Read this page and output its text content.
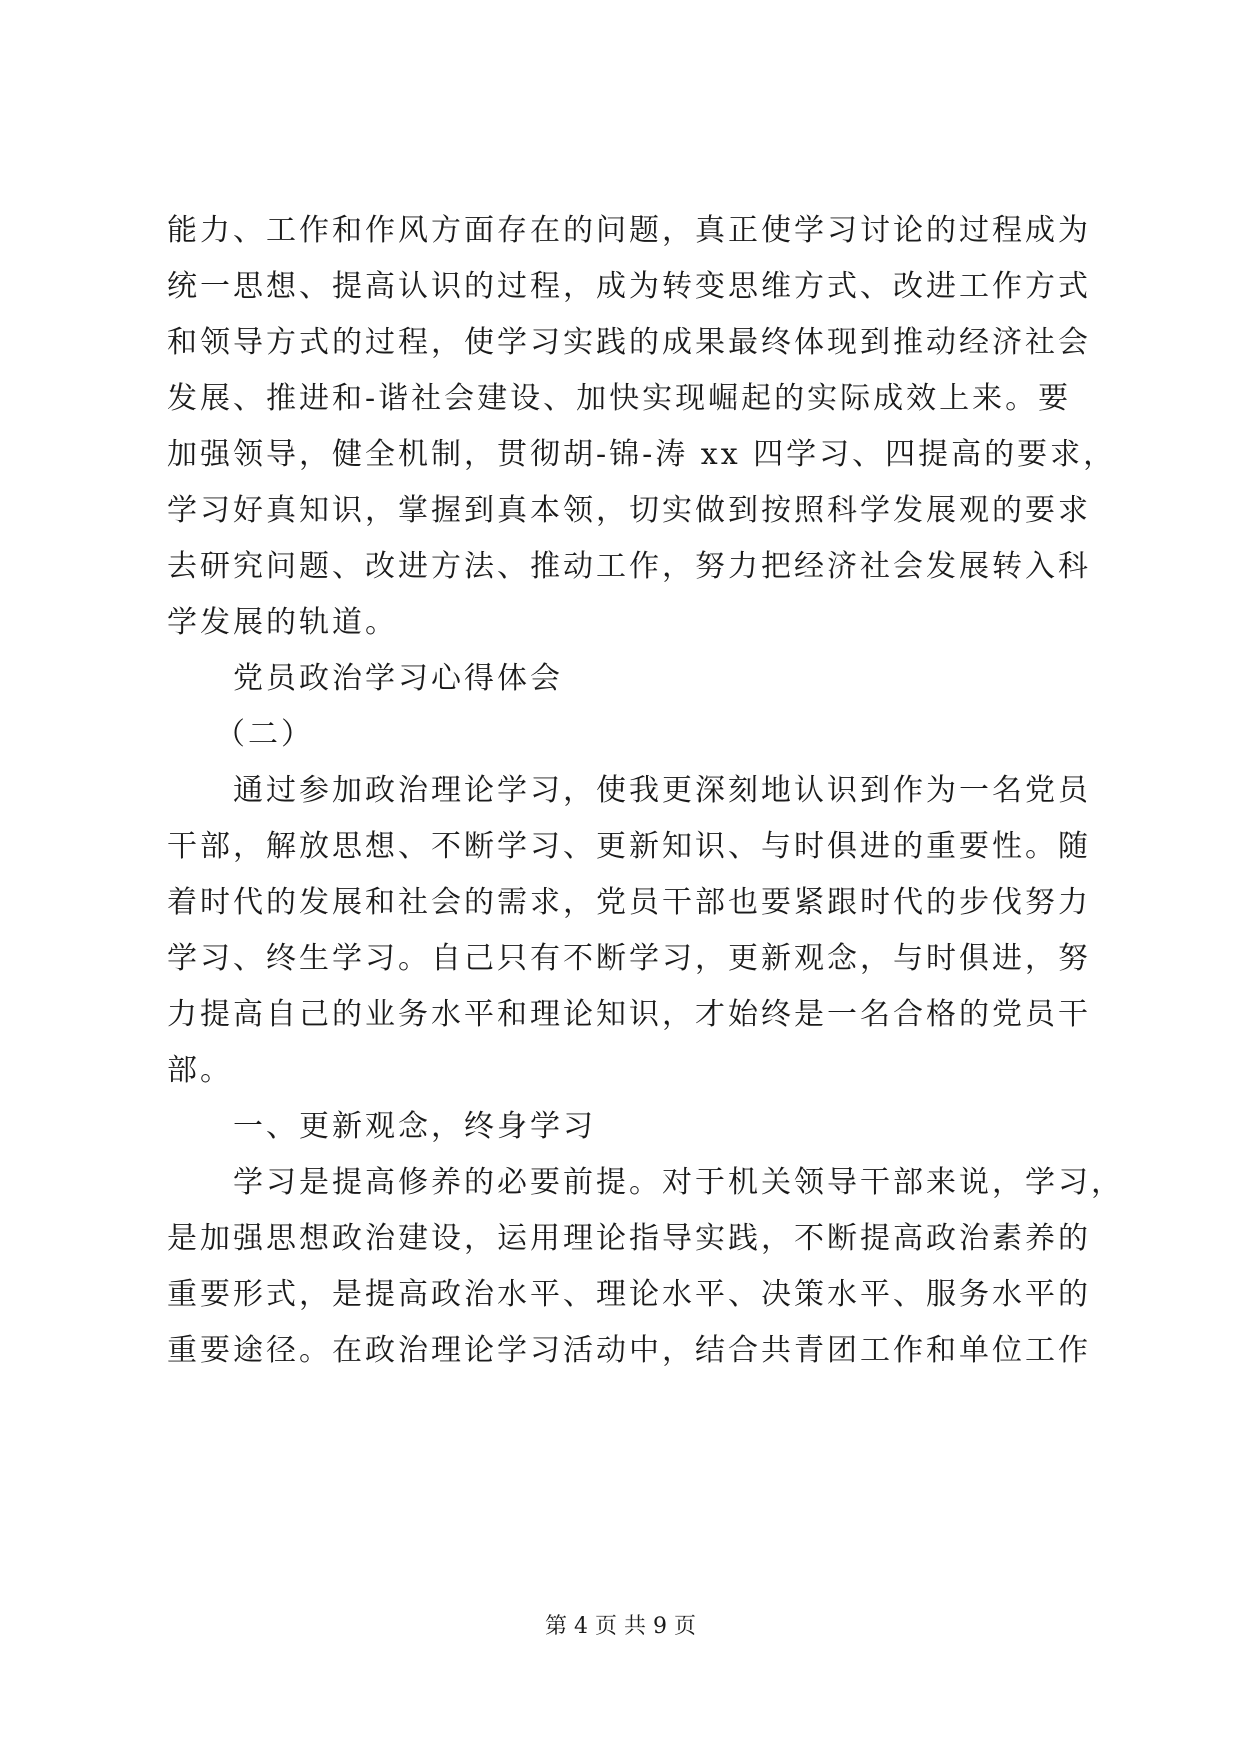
能力、工作和作风方面存在的问题，真正使学习讨论的过程成为
统一思想、提高认识的过程，成为转变思维方式、改进工作方式
和领导方式的过程，使学习实践的成果最终体现到推动经济社会
发展、推进和-谐社会建设、加快实现崛起的实际成效上来。要
加强领导，健全机制，贯彻胡-锦-涛 xx 四学习、四提高的要求，
学习好真知识，掌握到真本领，切实做到按照科学发展观的要求
去研究问题、改进方法、推动工作，努力把经济社会发展转入科
学发展的轨道。
党员政治学习心得体会
（二）
通过参加政治理论学习，使我更深刻地认识到作为一名党员
干部，解放思想、不断学习、更新知识、与时俱进的重要性。随
着时代的发展和社会的需求，党员干部也要紧跟时代的步伐努力
学习、终生学习。自己只有不断学习，更新观念，与时俱进，努
力提高自己的业务水平和理论知识，才始终是一名合格的党员干
部。
一、更新观念，终身学习
学习是提高修养的必要前提。对于机关领导干部来说，学习，
是加强思想政治建设，运用理论指导实践，不断提高政治素养的
重要形式，是提高政治水平、理论水平、决策水平、服务水平的
重要途径。在政治理论学习活动中，结合共青团工作和单位工作
第 4 页 共 9 页
